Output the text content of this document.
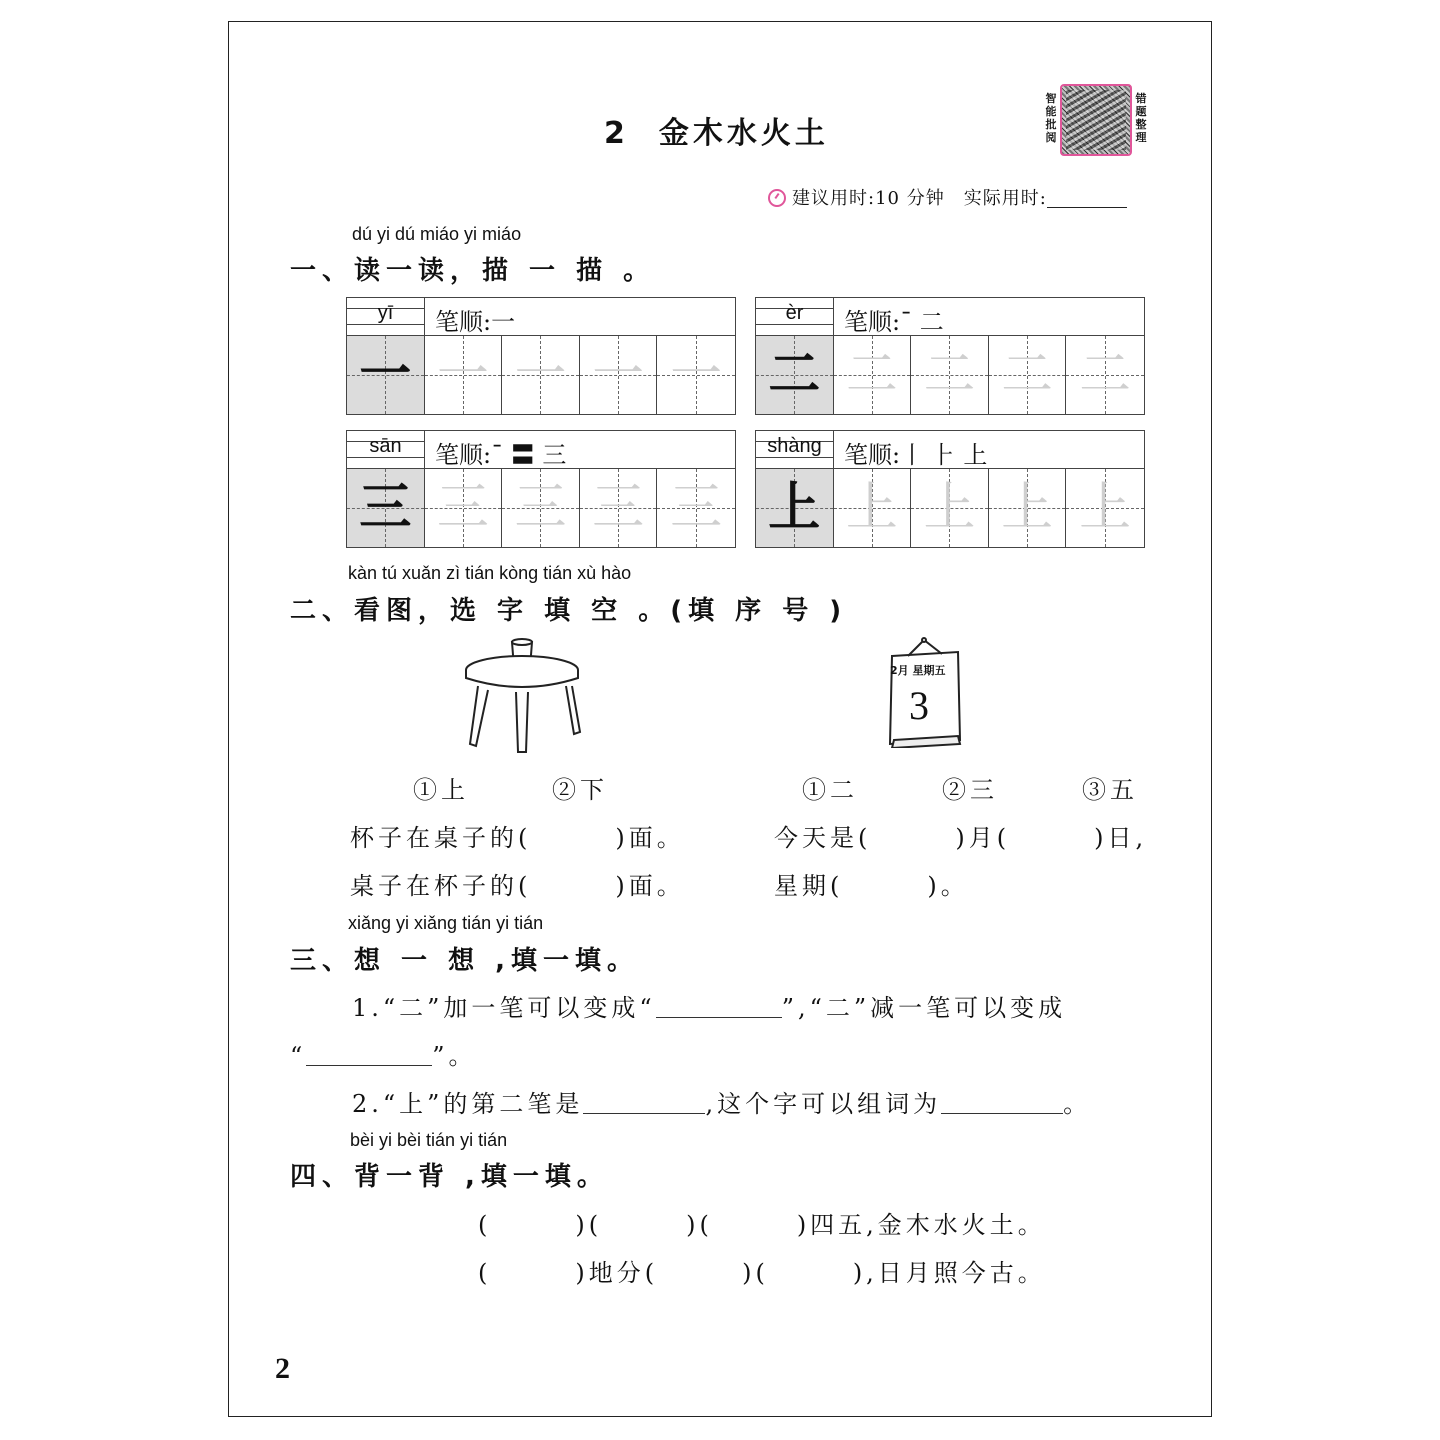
2 金木水火土
智能批阅
错题整理
建议用时:10 分钟　实际用时:
dú yi dú miáo yi miáo
一、读一读，描 一 描 。
yī	笔顺:一
一 一 一 一 一
èr	笔顺:¯ 二
二 二 二 二 二
sān	笔顺:¯ 〓 三
三 三 三 三 三
shàng 笔顺:丨 ⺊ 上
上 上 上 上 上
kàn tú xuǎn zì tián kòng tián xù hào
二、看图，选 字 填 空 。(填 序 号 )
2月 星期五
3
①上	②下	①二	②三	③五
杯子在桌子的(　　　)面。
桌子在杯子的(　　　)面。
今天是(　　　)月(　　　)日,
星期(　　　)。
xiǎng yi xiǎng tián yi tián
三、想 一 想 ,填一填。
1.“二”加一笔可以变成“	”,“二”减一笔可以变成
“	”。
2.“上”的第二笔是	,这个字可以组词为	。
bèi yi bèi tián yi tián
四、背一背 ,填一填。
(　　　)(　　　)(　　　)四五,金木水火土。
(　　　)地分(　　　)(　　　),日月照今古。
2
